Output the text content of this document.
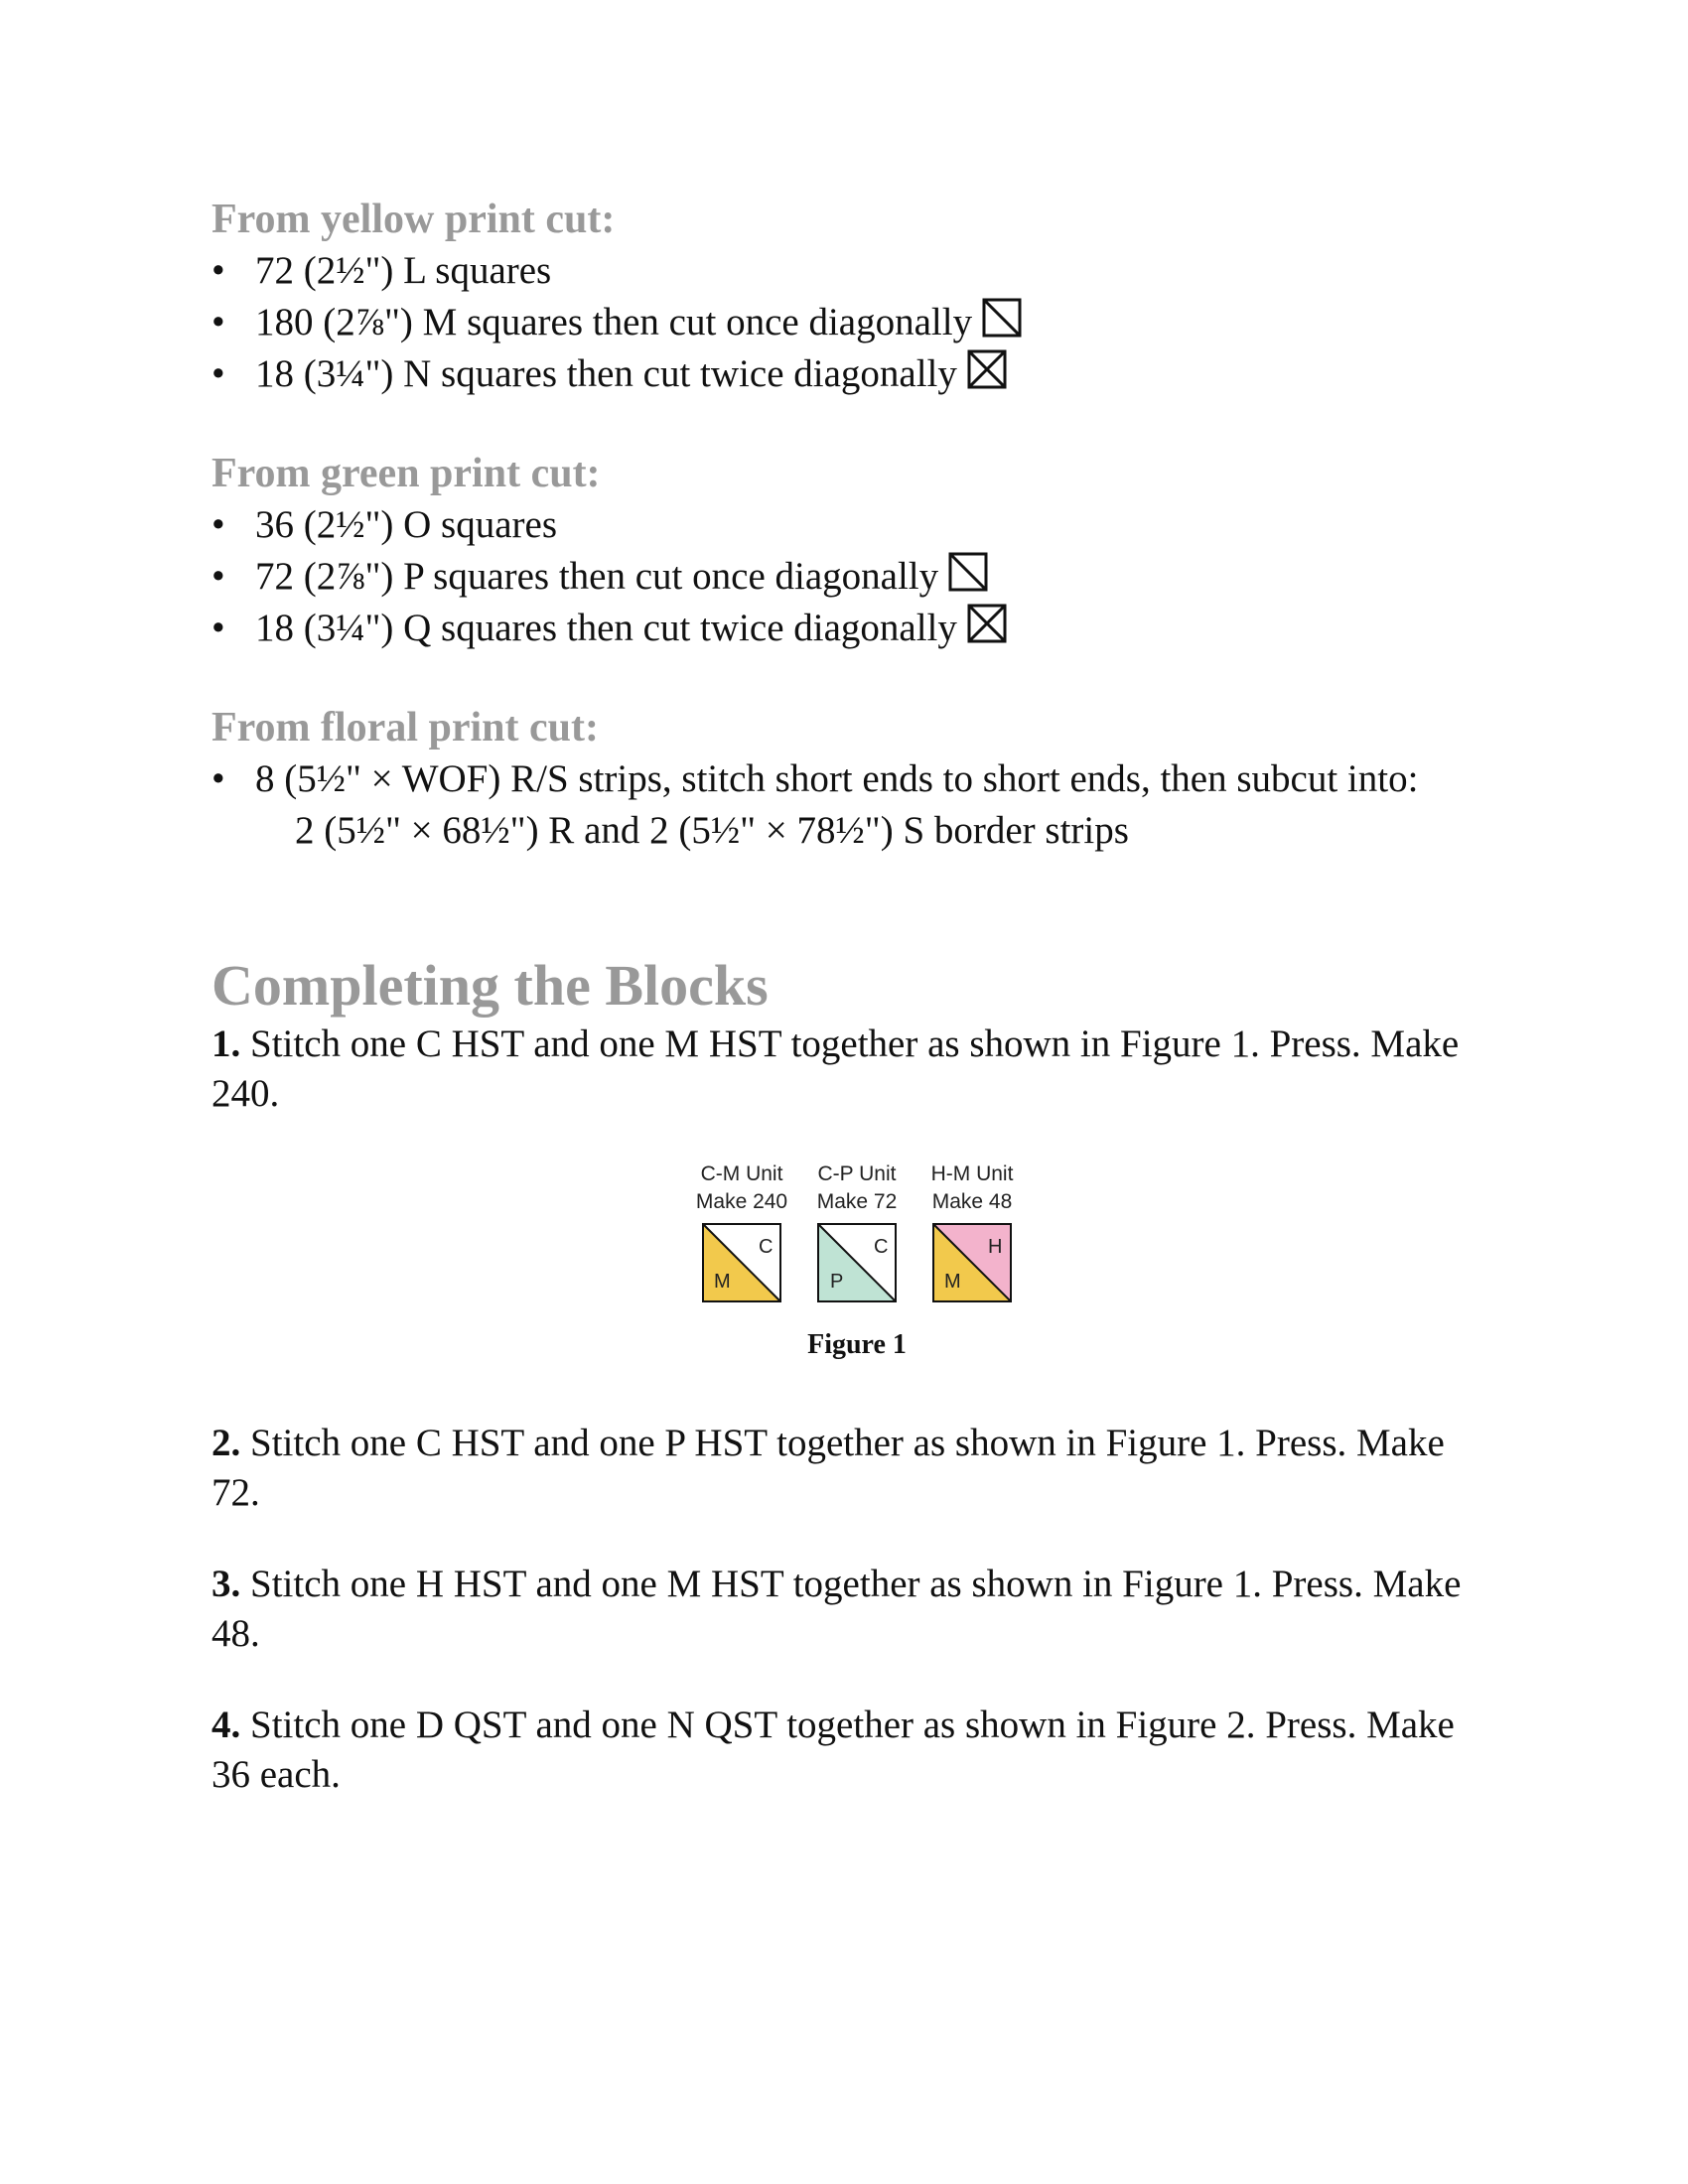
From yellow print cut:
• 72 (2½") L squares
• 180 (2⅞") M squares then cut once diagonally
• 18 (3¼") N squares then cut twice diagonally
From green print cut:
• 36 (2½") O squares
• 72 (2⅞") P squares then cut once diagonally
• 18 (3¼") Q squares then cut twice diagonally
From floral print cut:
• 8 (5½" × WOF) R/S strips, stitch short ends to short ends, then subcut into:
2 (5½" × 68½") R and 2 (5½" × 78½") S border strips
Completing the Blocks

1. Stitch one C HST and one M HST together as shown in Figure 1. Press. Make 240.

C-M Unit
Make 240
C
M
C-P Unit
Make 72
C
P
H-M Unit
Make 48
H
M
Figure 1

2. Stitch one C HST and one P HST together as shown in Figure 1. Press. Make 72.

3. Stitch one H HST and one M HST together as shown in Figure 1. Press. Make 48.

4. Stitch one D QST and one N QST together as shown in Figure 2. Press. Make 36 each.
